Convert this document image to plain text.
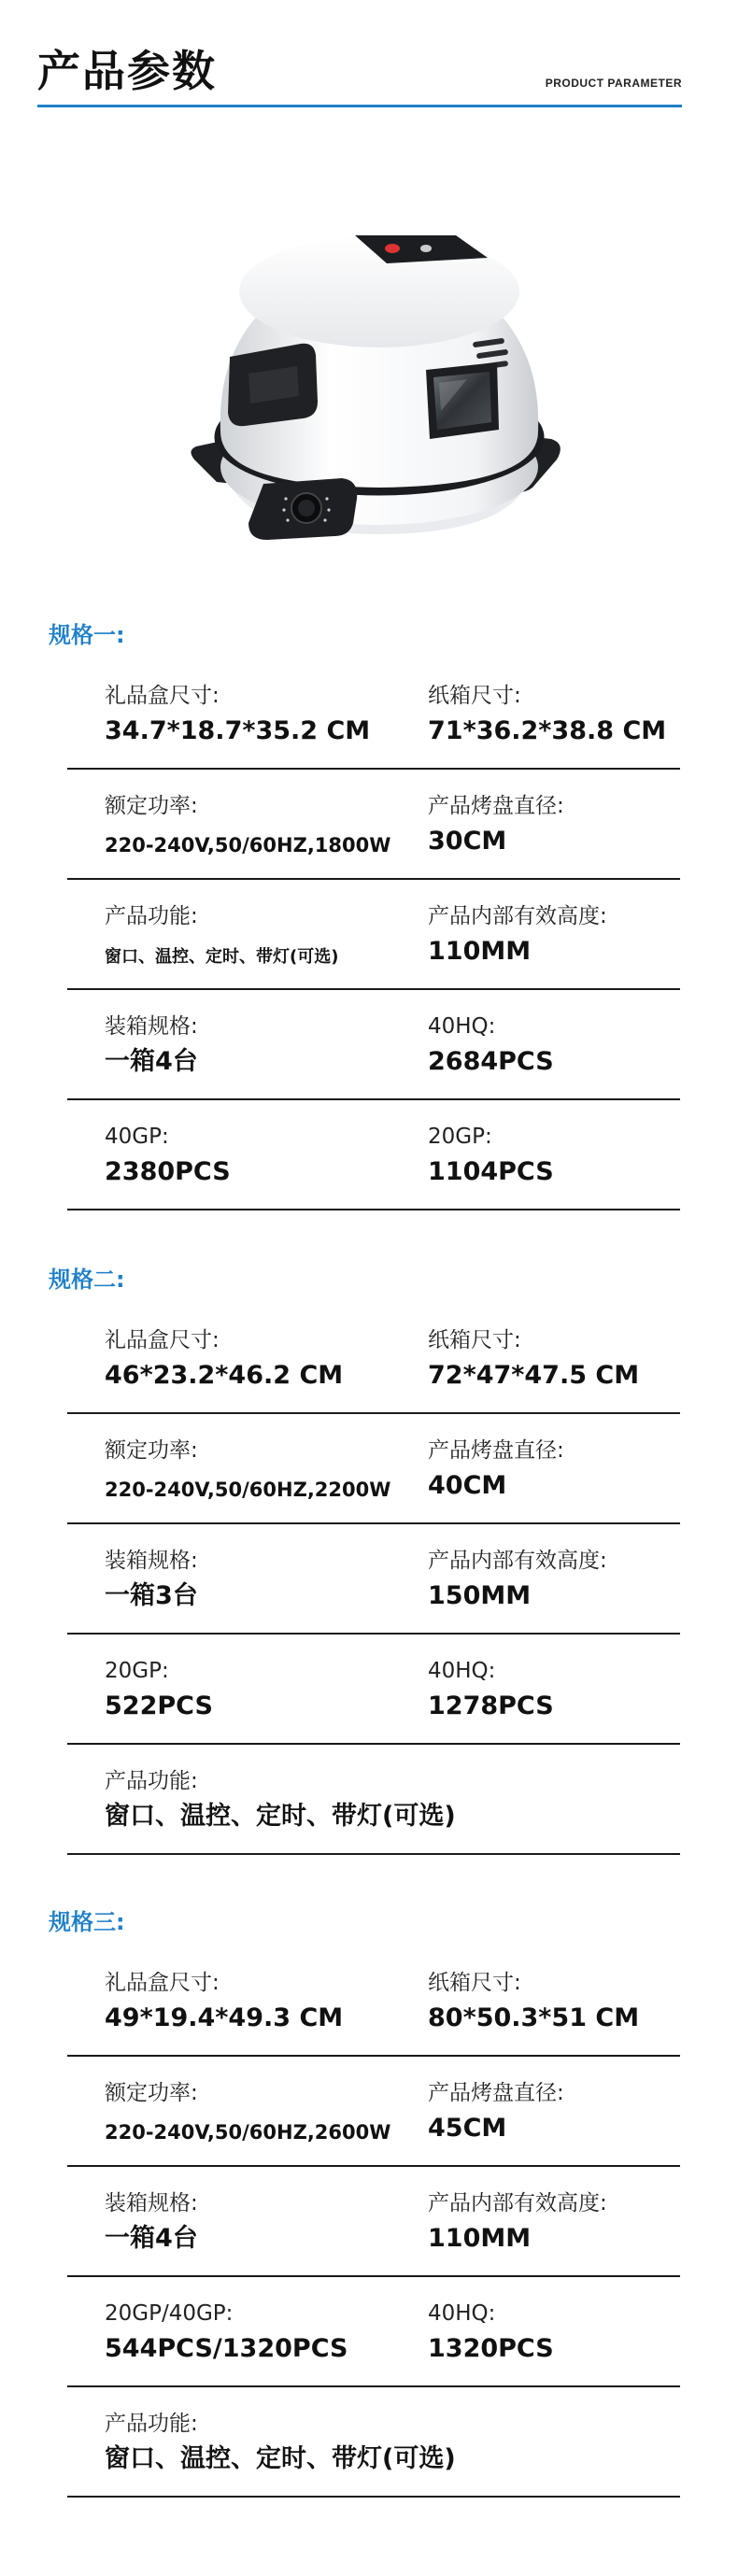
产品参数	PRODUCT PARAMETER
规格一:
礼品盒尺寸:
34.7*18.7*35.2 CM
纸箱尺寸:
71*36.2*38.8 CM
额定功率:
220-240V,50/60HZ,1800W
产品烤盘直径:
30CM
产品功能:
窗口、温控、定时、带灯(可选)
产品内部有效高度:
110MM
装箱规格:
一箱4台
40HQ:
2684PCS
40GP:
2380PCS
20GP:
1104PCS
规格二:
礼品盒尺寸:
46*23.2*46.2 CM
纸箱尺寸:
72*47*47.5 CM
额定功率:
220-240V,50/60HZ,2200W
产品烤盘直径:
40CM
装箱规格:
一箱3台
产品内部有效高度:
150MM
20GP:
522PCS
40HQ:
1278PCS
产品功能:
窗口、温控、定时、带灯(可选)
规格三:
礼品盒尺寸:
49*19.4*49.3 CM
纸箱尺寸:
80*50.3*51 CM
额定功率:
220-240V,50/60HZ,2600W
产品烤盘直径:
45CM
装箱规格:
一箱4台
产品内部有效高度:
110MM
20GP/40GP:
544PCS/1320PCS
40HQ:
1320PCS
产品功能:
窗口、温控、定时、带灯(可选)
